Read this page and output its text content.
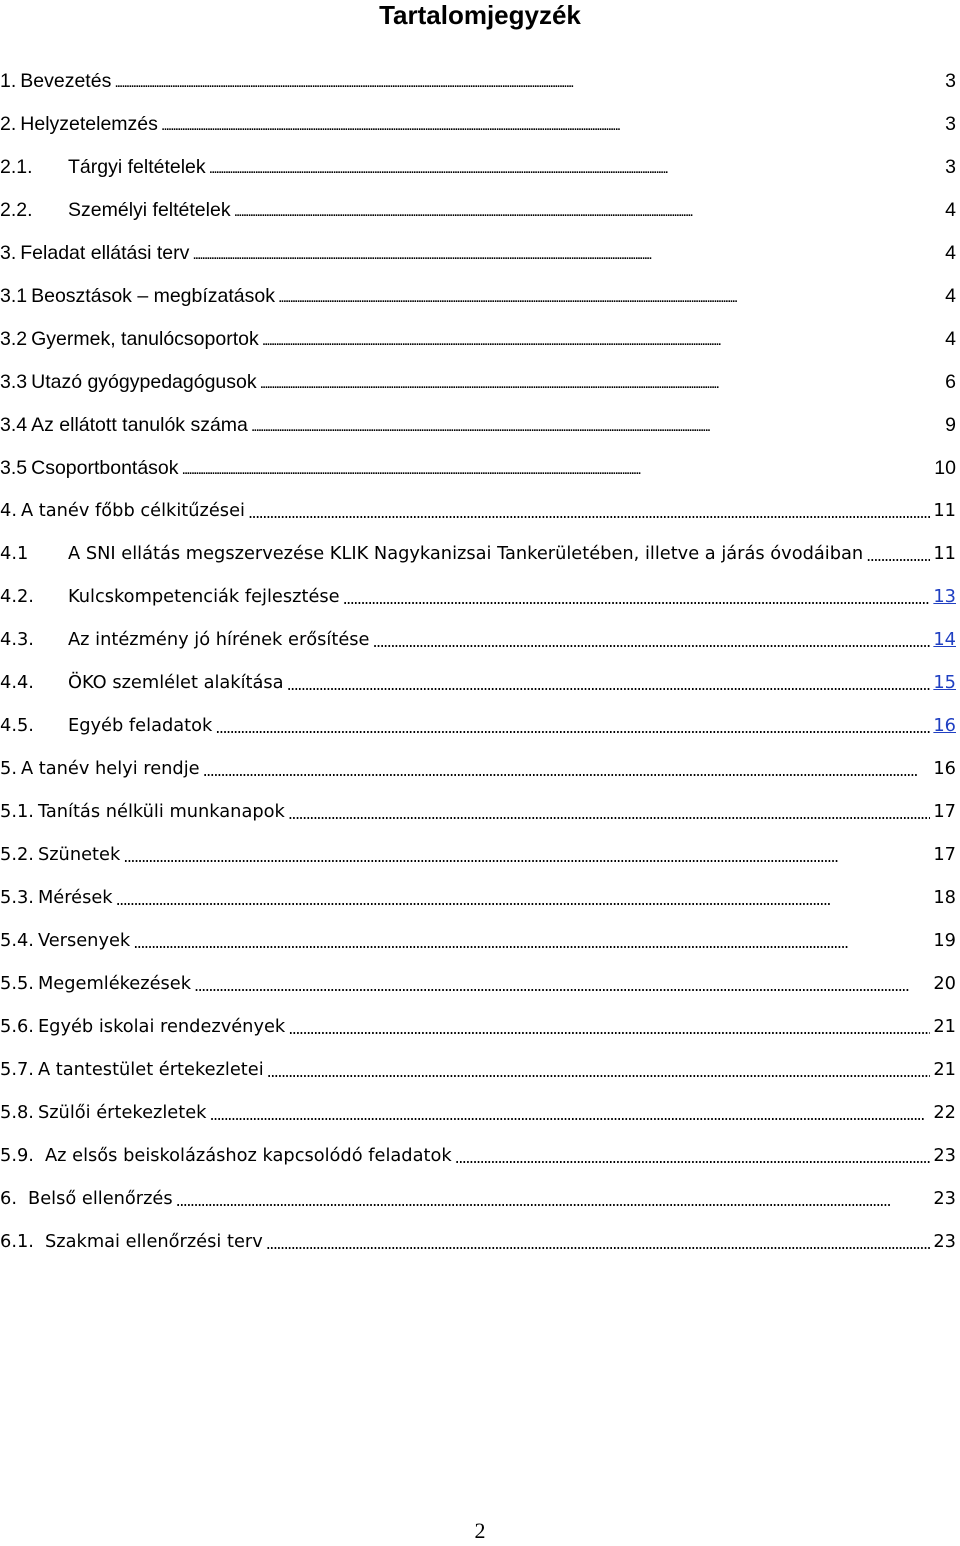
Tartalomjegyzék
1. Bevezetés . . .	3
2. Helyzetelemzés . . .	3
2.1.	Tárgyi feltételek . . .	3
2.2.	Személyi feltételek . . .	4
3. Feladat ellátási terv . . .	4
3.1 Beosztások – megbízatások . . .	4
3.2 Gyermek, tanulócsoportok . . .	4
3.3 Utazó gyógypedagógusok . . .	6
3.4 Az ellátott tanulók száma . . .	9
3.5 Csoportbontások . . .	10
4. A tanév főbb célkitűzései . . .	11
4.1	A SNI ellátás megszervezése KLIK Nagykanizsai Tankerületében, illetve a járás óvodáiban . . .	11
4.2.	Kulcskompetenciák fejlesztése . . .	13
4.3.	Az intézmény jó hírének erősítése . . .	14
4.4.	ÖKO szemlélet alakítása . . .	15
4.5.	Egyéb feladatok . . .	16
5. A tanév helyi rendje . . .	16
5.1. Tanítás nélküli munkanapok . . .	17
5.2. Szünetek . . .	17
5.3. Mérések . . .	18
5.4. Versenyek . . .	19
5.5. Megemlékezések . . .	20
5.6. Egyéb iskolai rendezvények . . .	21
5.7. A tantestület értekezletei . . .	21
5.8. Szülői értekezletek . . .	22
5.9. Az elsős beiskolázáshoz kapcsolódó feladatok . . .	23
6. Belső ellenőrzés . . .	23
6.1. Szakmai ellenőrzési terv . . .	23
2
